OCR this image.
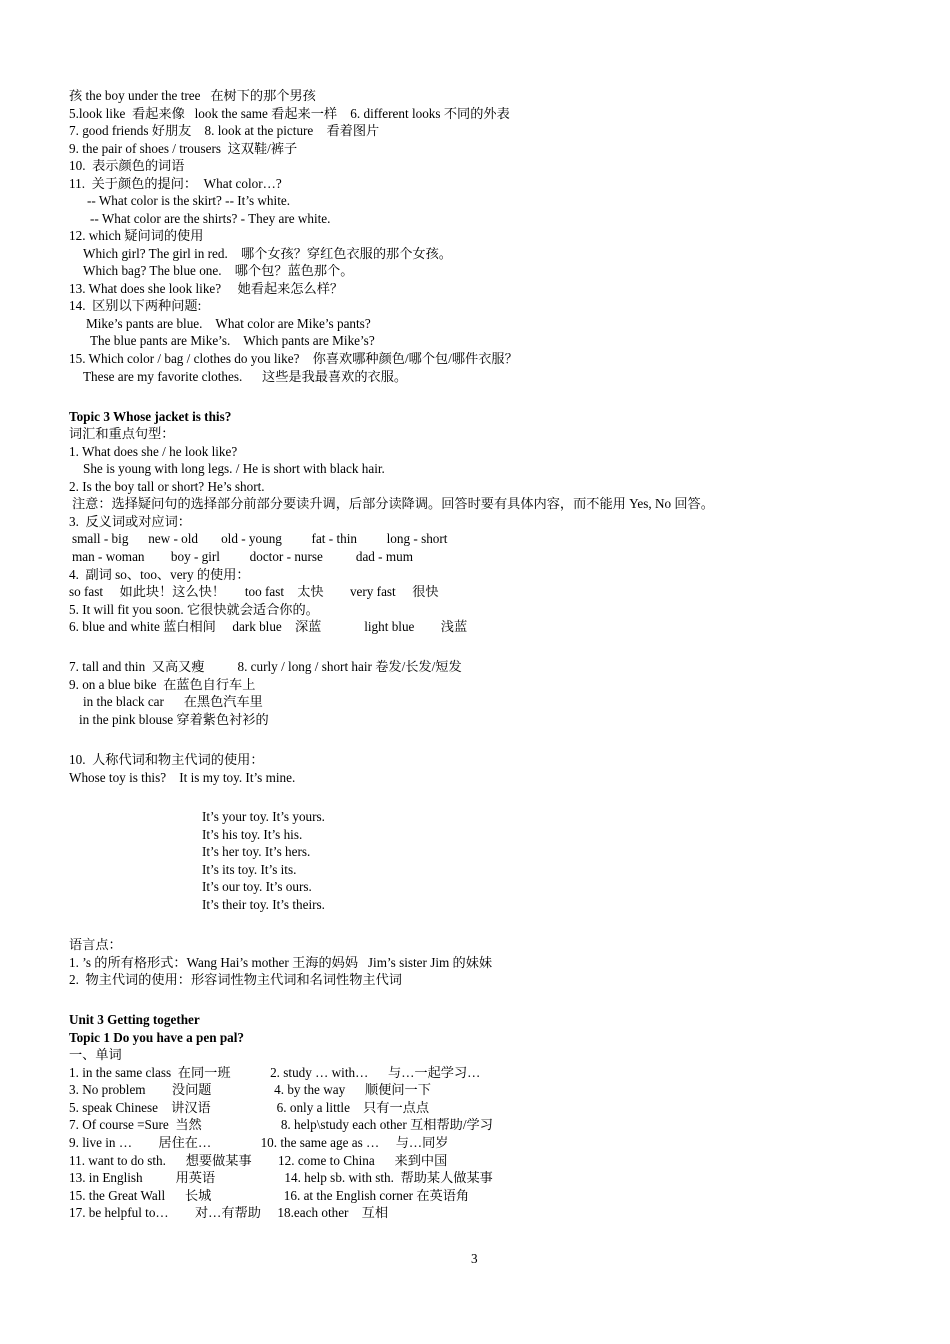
孩 the boy under the tree   在树下的那个男孩
5.look like  看起来像   look the same 看起来一样    6. different looks 不同的外表
7. good friends 好朋友    8. look at the picture    看着图片
9. the pair of shoes / trousers  这双鞋/裤子
10.  表示颜色的词语
11.  关于颜色的提问：  What color…?
-- What color is the skirt? -- It’s white.
-- What color are the shirts? - They are white.
12. which 疑问词的使用
Which girl? The girl in red.    哪个女孩？穿红色衣服的那个女孩。
Which bag? The blue one.    哪个包？蓝色那个。
13. What does she look like?     她看起来怎么样？
14.  区别以下两种问题:
Mike’s pants are blue.    What color are Mike’s pants?
The blue pants are Mike’s.    Which pants are Mike’s?
15. Which color / bag / clothes do you like?    你喜欢哪种颜色/哪个包/哪件衣服？
These are my favorite clothes.      这些是我最喜欢的衣服。
Topic 3 Whose jacket is this?
词汇和重点句型：
1. What does she / he look like?
She is young with long legs. / He is short with black hair.
2. Is the boy tall or short? He’s short.
注意：选择疑问句的选择部分前部分要读升调，后部分读降调。回答时要有具体内容，而不能用 Yes, No 回答。
3.  反义词或对应词：
small - big      new - old       old - young         fat - thin         long - short
man - woman        boy - girl         doctor - nurse          dad - mum
4.  副词 so、too、very 的使用：
so fast     如此块！这么快！      too fast    太快        very fast     很快
5. It will fit you soon. 它很快就会适合你的。
6. blue and white 蓝白相间     dark blue    深蓝             light blue        浅蓝
7. tall and thin  又高又瘦          8. curly / long / short hair 卷发/长发/短发
9. on a blue bike  在蓝色自行车上
in the black car      在黑色汽车里
in the pink blouse 穿着紫色衬衫的
10.  人称代词和物主代词的使用：
Whose toy is this?    It is my toy. It’s mine.
It’s your toy. It’s yours.
It’s his toy. It’s his.
It’s her toy. It’s hers.
It’s its toy. It’s its.
It’s our toy. It’s ours.
It’s their toy. It’s theirs.
语言点：
1. ’s 的所有格形式：Wang Hai’s mother 王海的妈妈   Jim’s sister Jim 的妹妹
2.  物主代词的使用：形容词性物主代词和名词性物主代词
Unit 3 Getting together
Topic 1 Do you have a pen pal?
一、单词
1. in the same class  在同一班            2. study … with…      与…一起学习…
3. No problem        没问题                   4. by the way      顺便问一下
5. speak Chinese    讲汉语                    6. only a little    只有一点点
7. Of course =Sure  当然                        8. help\study each other 互相帮助/学习
9. live in …        居住在…               10. the same age as …     与…同岁
11. want to do sth.      想要做某事        12. come to China      来到中国
13. in English          用英语                     14. help sb. with sth.  帮助某人做某事
15. the Great Wall      长城                      16. at the English corner 在英语角
17. be helpful to…        对…有帮助     18.each other    互相
3
